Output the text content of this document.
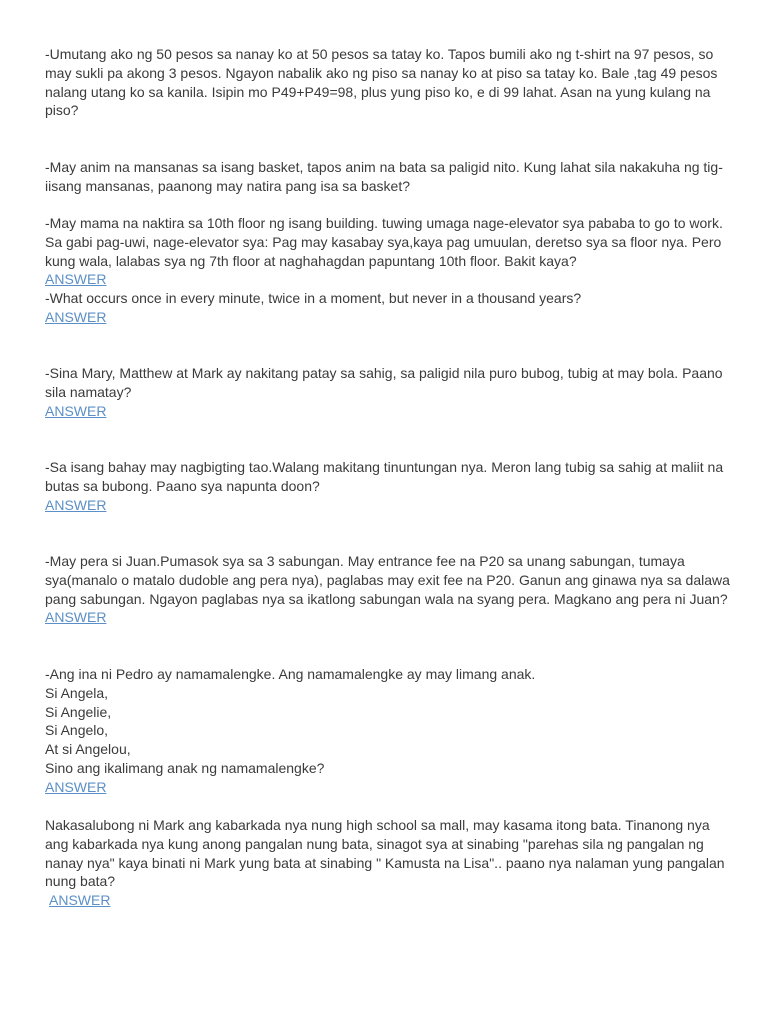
-Umutang ako ng 50 pesos sa nanay ko at 50 pesos sa tatay ko. Tapos bumili ako ng t-shirt na 97 pesos, so
may sukli pa akong 3 pesos. Ngayon nabalik ako ng piso sa nanay ko at piso sa tatay ko. Bale ,tag 49 pesos
nalang utang ko sa kanila. Isipin mo P49+P49=98, plus yung piso ko, e di 99 lahat. Asan na yung kulang na
piso?
-May anim na mansanas sa isang basket, tapos anim na bata sa paligid nito. Kung lahat sila nakakuha ng tig-
iisang mansanas, paanong may natira pang isa sa basket?
-May mama na naktira sa 10th floor ng isang building. tuwing umaga nage-elevator sya pababa to go to work.
Sa gabi pag-uwi, nage-elevator sya: Pag may kasabay sya,kaya pag umuulan, deretso sya sa floor nya. Pero
kung wala, lalabas sya ng 7th floor at naghahagdan papuntang 10th floor. Bakit kaya?
ANSWER
-What occurs once in every minute, twice in a moment, but never in a thousand years?
ANSWER
-Sina Mary, Matthew at Mark ay nakitang patay sa sahig, sa paligid nila puro bubog, tubig at may bola. Paano
sila namatay?
ANSWER
-Sa isang bahay may nagbigting tao.Walang makitang tinuntungan nya. Meron lang tubig sa sahig at maliit na
butas sa bubong. Paano sya napunta doon?
ANSWER
-May pera si Juan.Pumasok sya sa 3 sabungan. May entrance fee na P20 sa unang sabungan, tumaya
sya(manalo o matalo dudoble ang pera nya), paglabas may exit fee na P20. Ganun ang ginawa nya sa dalawa
pang sabungan. Ngayon paglabas nya sa ikatlong sabungan wala na syang pera. Magkano ang pera ni Juan?
ANSWER
-Ang ina ni Pedro ay namamalengke. Ang namamalengke ay may limang anak.
Si Angela,
Si Angelie,
Si Angelo,
At si Angelou,
Sino ang ikalimang anak ng namamalengke?
ANSWER
Nakasalubong ni Mark ang kabarkada nya nung high school sa mall, may kasama itong bata. Tinanong nya
ang kabarkada nya kung anong pangalan nung bata, sinagot sya at sinabing "parehas sila ng pangalan ng
nanay nya" kaya binati ni Mark yung bata at sinabing " Kamusta na Lisa".. paano nya nalaman yung pangalan
nung bata?
ANSWER
